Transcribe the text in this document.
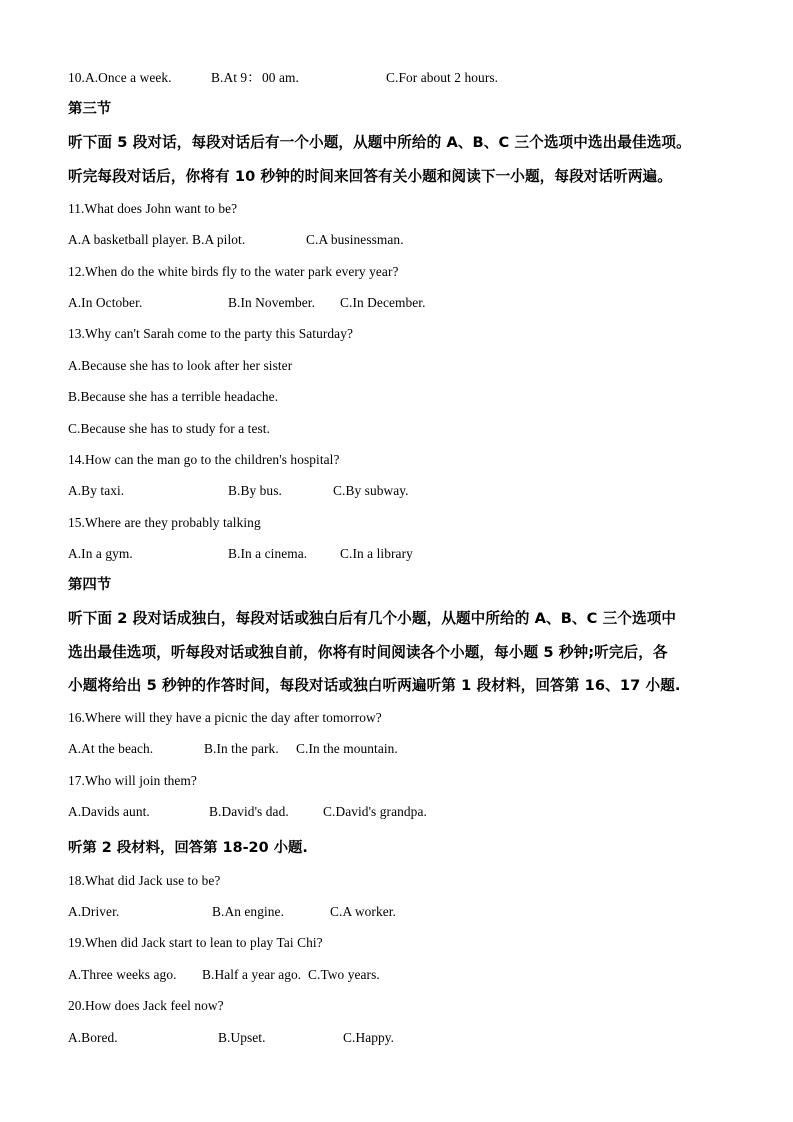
10.A.Once a week.	B.At 9： 00 am.	C.For about 2 hours.
第三节
听下面 5 段对话，每段对话后有一个小题，从题中所给的 A、B、C 三个选项中选出最佳选项。
听完每段对话后，你将有 10 秒钟的时间来回答有关小题和阅读下一小题，每段对话听两遍。
11.What does John want to be?
A.A basketball player. B.A pilot.	C.A businessman.
12.When do the white birds fly to the water park every year?
A.In October.	B.In November. C.In December.
13.Why can't Sarah come to the party this Saturday?
A.Because she has to look after her sister
B.Because she has a terrible headache.
C.Because she has to study for a test.
14.How can the man go to the children's hospital?
A.By taxi.	B.By bus.	C.By subway.
15.Where are they probably talking
A.In a gym.	B.In a cinema. C.In a library
第四节
听下面 2 段对话成独白，每段对话或独白后有几个小题，从题中所给的 A、B、C 三个选项中
选出最佳选项，听每段对话或独自前，你将有时间阅读各个小题，每小题 5 秒钟;听完后，各
小题将给出 5 秒钟的作答时间，每段对话或独白听两遍听第 1 段材料，回答第 16、17 小题.
16.Where will they have a picnic the day after tomorrow?
A.At the beach.	B.In the park. C.In the mountain.
17.Who will join them?
A.Davids aunt.	B.David's dad.	C.David's grandpa.
听第 2 段材料，回答第 18-20 小题.
18.What did Jack use to be?
A.Driver.	B.An engine.	C.A worker.
19.When did Jack start to lean to play Tai Chi?
A.Three weeks ago. B.Half a year ago. C.Two years.
20.How does Jack feel now?
A.Bored.	B.Upset.	C.Happy.
